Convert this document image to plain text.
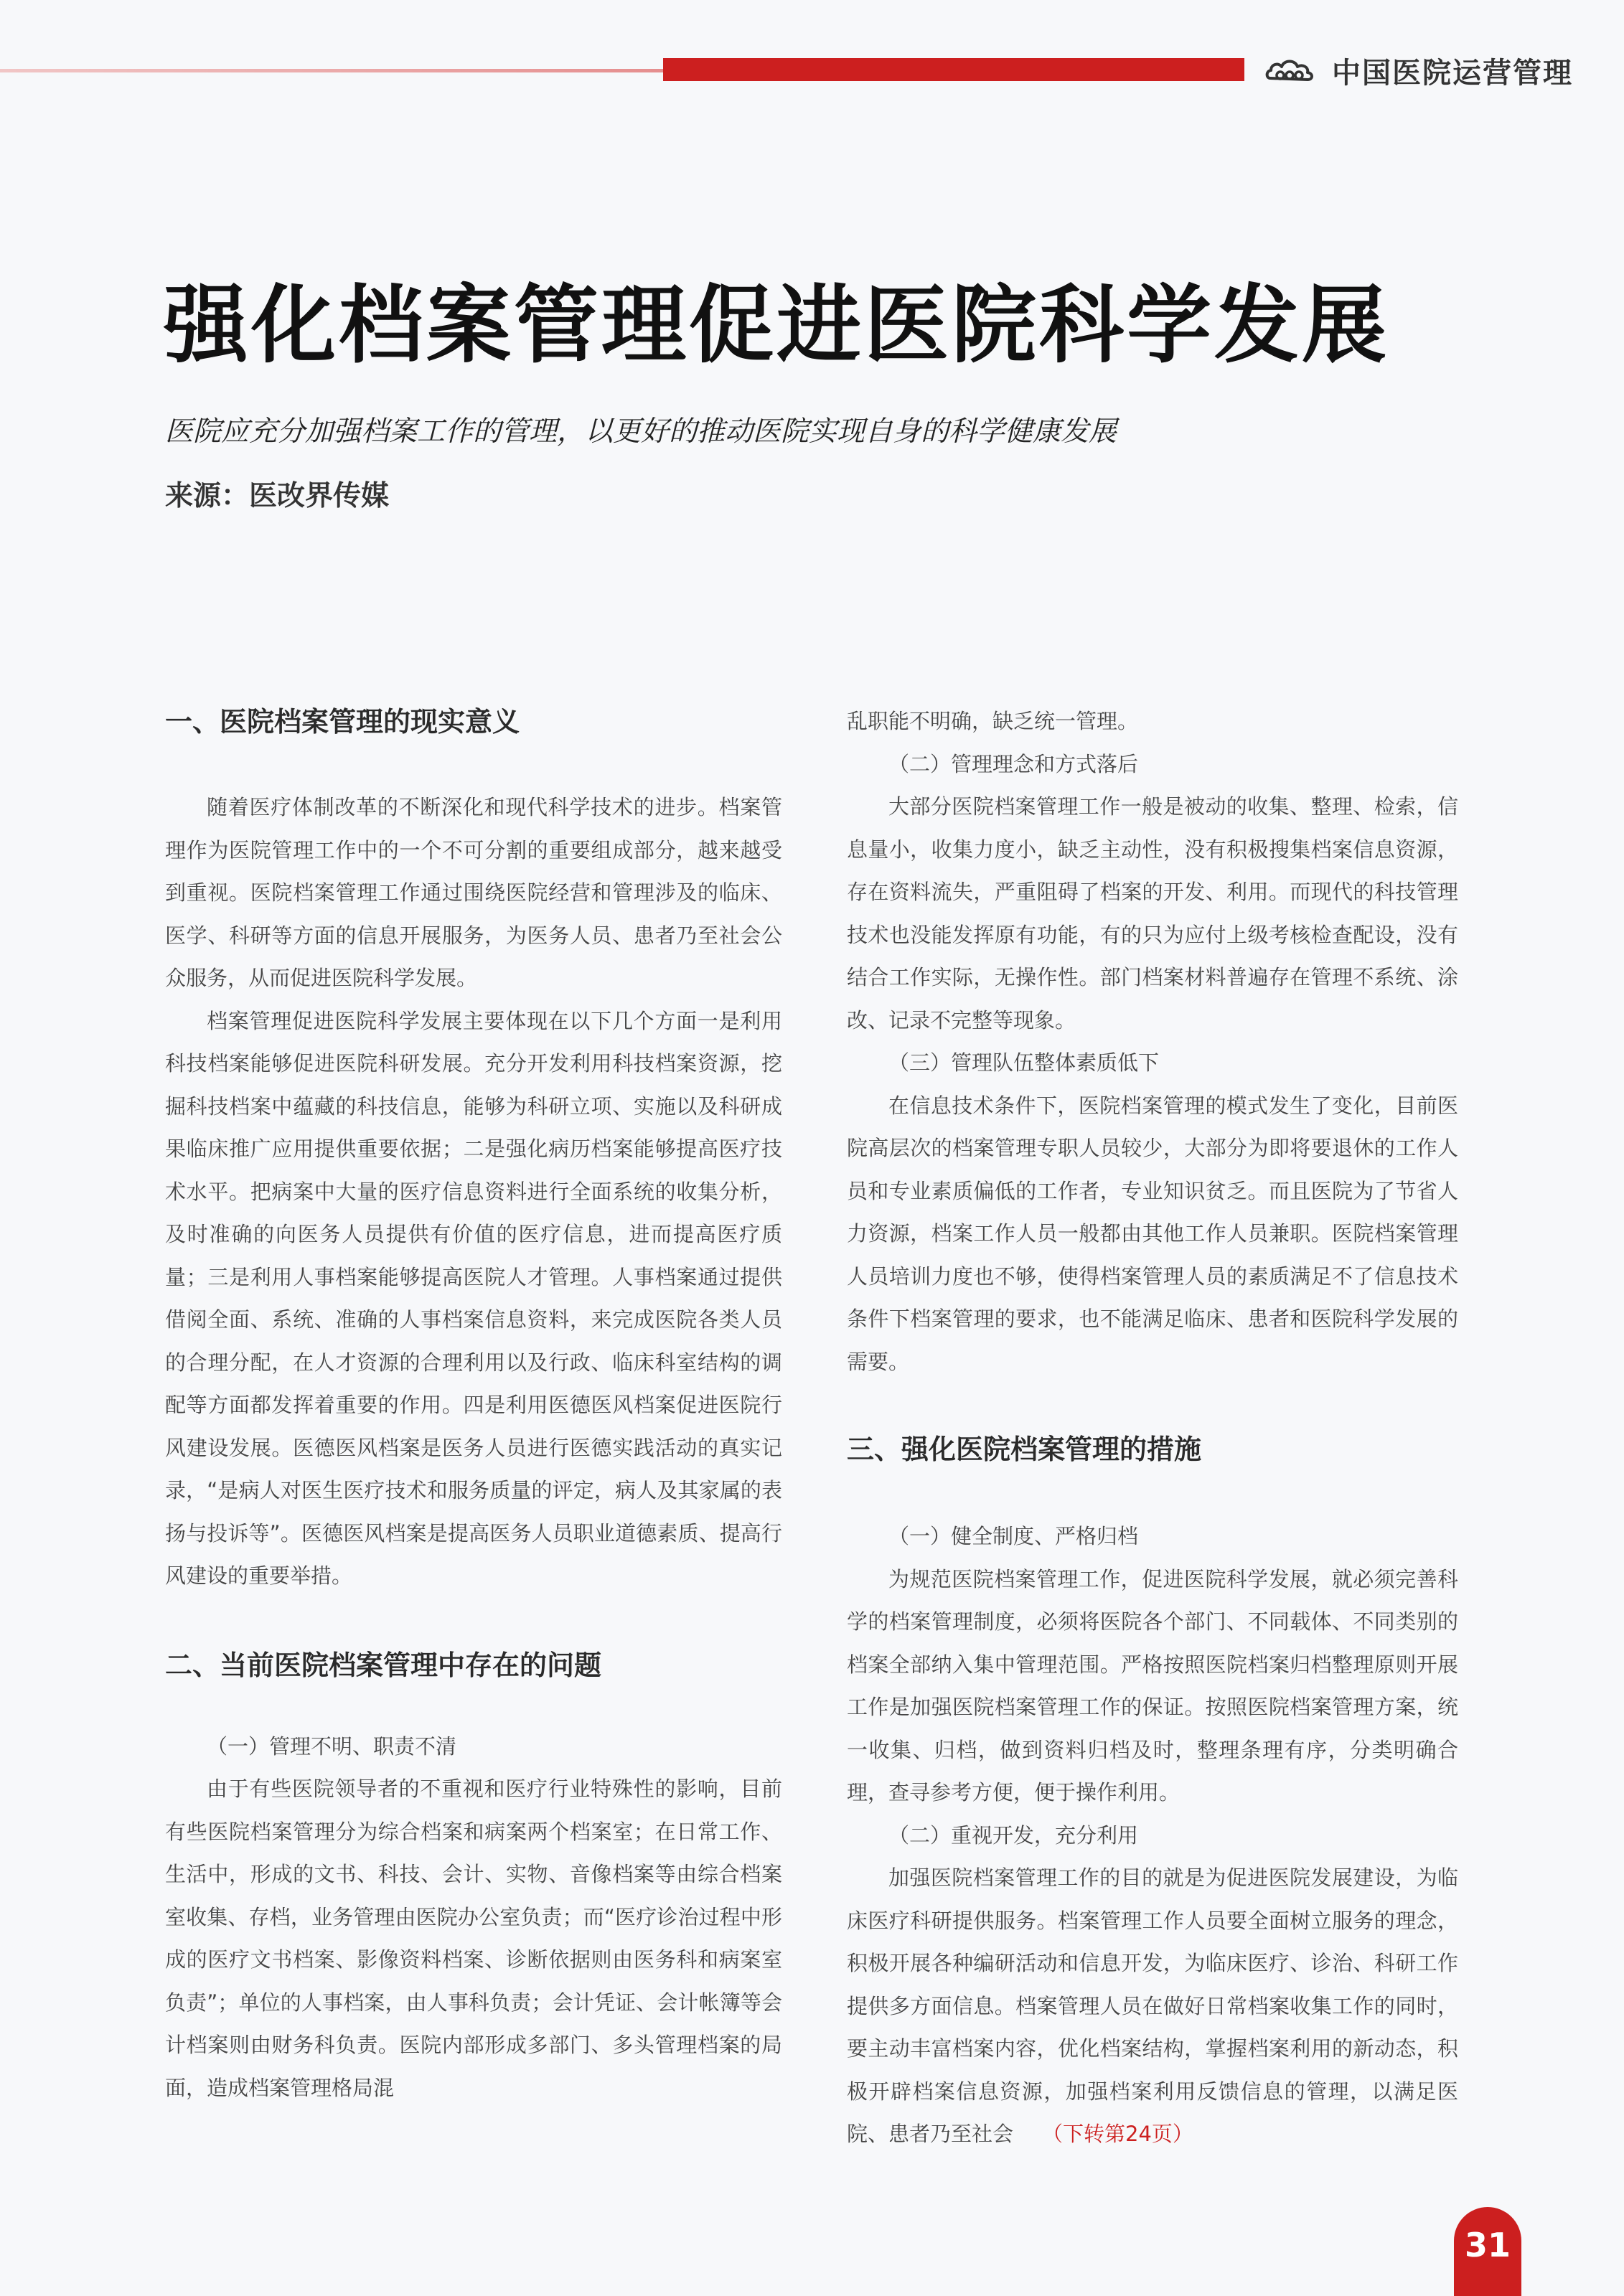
中国医院运营管理
强化档案管理促进医院科学发展
医院应充分加强档案工作的管理，以更好的推动医院实现自身的科学健康发展
来源：医改界传媒
一、医院档案管理的现实意义

随着医疗体制改革的不断深化和现代科学技术的进步。档案管理作为医院管理工作中的一个不可分割的重要组成部分，越来越受到重视。医院档案管理工作通过围绕医院经营和管理涉及的临床、医学、科研等方面的信息开展服务，为医务人员、患者乃至社会公众服务，从而促进医院科学发展。

档案管理促进医院科学发展主要体现在以下几个方面一是利用科技档案能够促进医院科研发展。充分开发利用科技档案资源，挖掘科技档案中蕴藏的科技信息，能够为科研立项、实施以及科研成果临床推广应用提供重要依据；二是强化病历档案能够提高医疗技术水平。把病案中大量的医疗信息资料进行全面系统的收集分析，及时准确的向医务人员提供有价值的医疗信息，进而提高医疗质量；三是利用人事档案能够提高医院人才管理。人事档案通过提供借阅全面、系统、准确的人事档案信息资料，来完成医院各类人员的合理分配，在人才资源的合理利用以及行政、临床科室结构的调配等方面都发挥着重要的作用。四是利用医德医风档案促进医院行风建设发展。医德医风档案是医务人员进行医德实践活动的真实记录，“是病人对医生医疗技术和服务质量的评定，病人及其家属的表扬与投诉等”。医德医风档案是提高医务人员职业道德素质、提高行风建设的重要举措。

二、当前医院档案管理中存在的问题

（一）管理不明、职责不清

由于有些医院领导者的不重视和医疗行业特殊性的影响，目前有些医院档案管理分为综合档案和病案两个档案室；在日常工作、生活中，形成的文书、科技、会计、实物、音像档案等由综合档案室收集、存档，业务管理由医院办公室负责；而“医疗诊治过程中形成的医疗文书档案、影像资料档案、诊断依据则由医务科和病案室负责”；单位的人事档案，由人事科负责；会计凭证、会计帐簿等会计档案则由财务科负责。医院内部形成多部门、多头管理档案的局面，造成档案管理格局混

乱职能不明确，缺乏统一管理。

（二）管理理念和方式落后

大部分医院档案管理工作一般是被动的收集、整理、检索，信息量小，收集力度小，缺乏主动性，没有积极搜集档案信息资源，存在资料流失，严重阻碍了档案的开发、利用。而现代的科技管理技术也没能发挥原有功能，有的只为应付上级考核检查配设，没有结合工作实际，无操作性。部门档案材料普遍存在管理不系统、涂改、记录不完整等现象。

（三）管理队伍整体素质低下

在信息技术条件下，医院档案管理的模式发生了变化，目前医院高层次的档案管理专职人员较少，大部分为即将要退休的工作人员和专业素质偏低的工作者，专业知识贫乏。而且医院为了节省人力资源，档案工作人员一般都由其他工作人员兼职。医院档案管理人员培训力度也不够，使得档案管理人员的素质满足不了信息技术条件下档案管理的要求，也不能满足临床、患者和医院科学发展的需要。

三、强化医院档案管理的措施

（一）健全制度、严格归档

为规范医院档案管理工作，促进医院科学发展，就必须完善科学的档案管理制度，必须将医院各个部门、不同载体、不同类别的档案全部纳入集中管理范围。严格按照医院档案归档整理原则开展工作是加强医院档案管理工作的保证。按照医院档案管理方案，统一收集、归档，做到资料归档及时，整理条理有序，分类明确合理，查寻参考方便，便于操作利用。

（二）重视开发，充分利用

加强医院档案管理工作的目的就是为促进医院发展建设，为临床医疗科研提供服务。档案管理工作人员要全面树立服务的理念，积极开展各种编研活动和信息开发，为临床医疗、诊治、科研工作提供多方面信息。档案管理人员在做好日常档案收集工作的同时，要主动丰富档案内容，优化档案结构，掌握档案利用的新动态，积极开辟档案信息资源，加强档案利用反馈信息的管理，以满足医院、患者乃至社会 （下转第24页）

31
